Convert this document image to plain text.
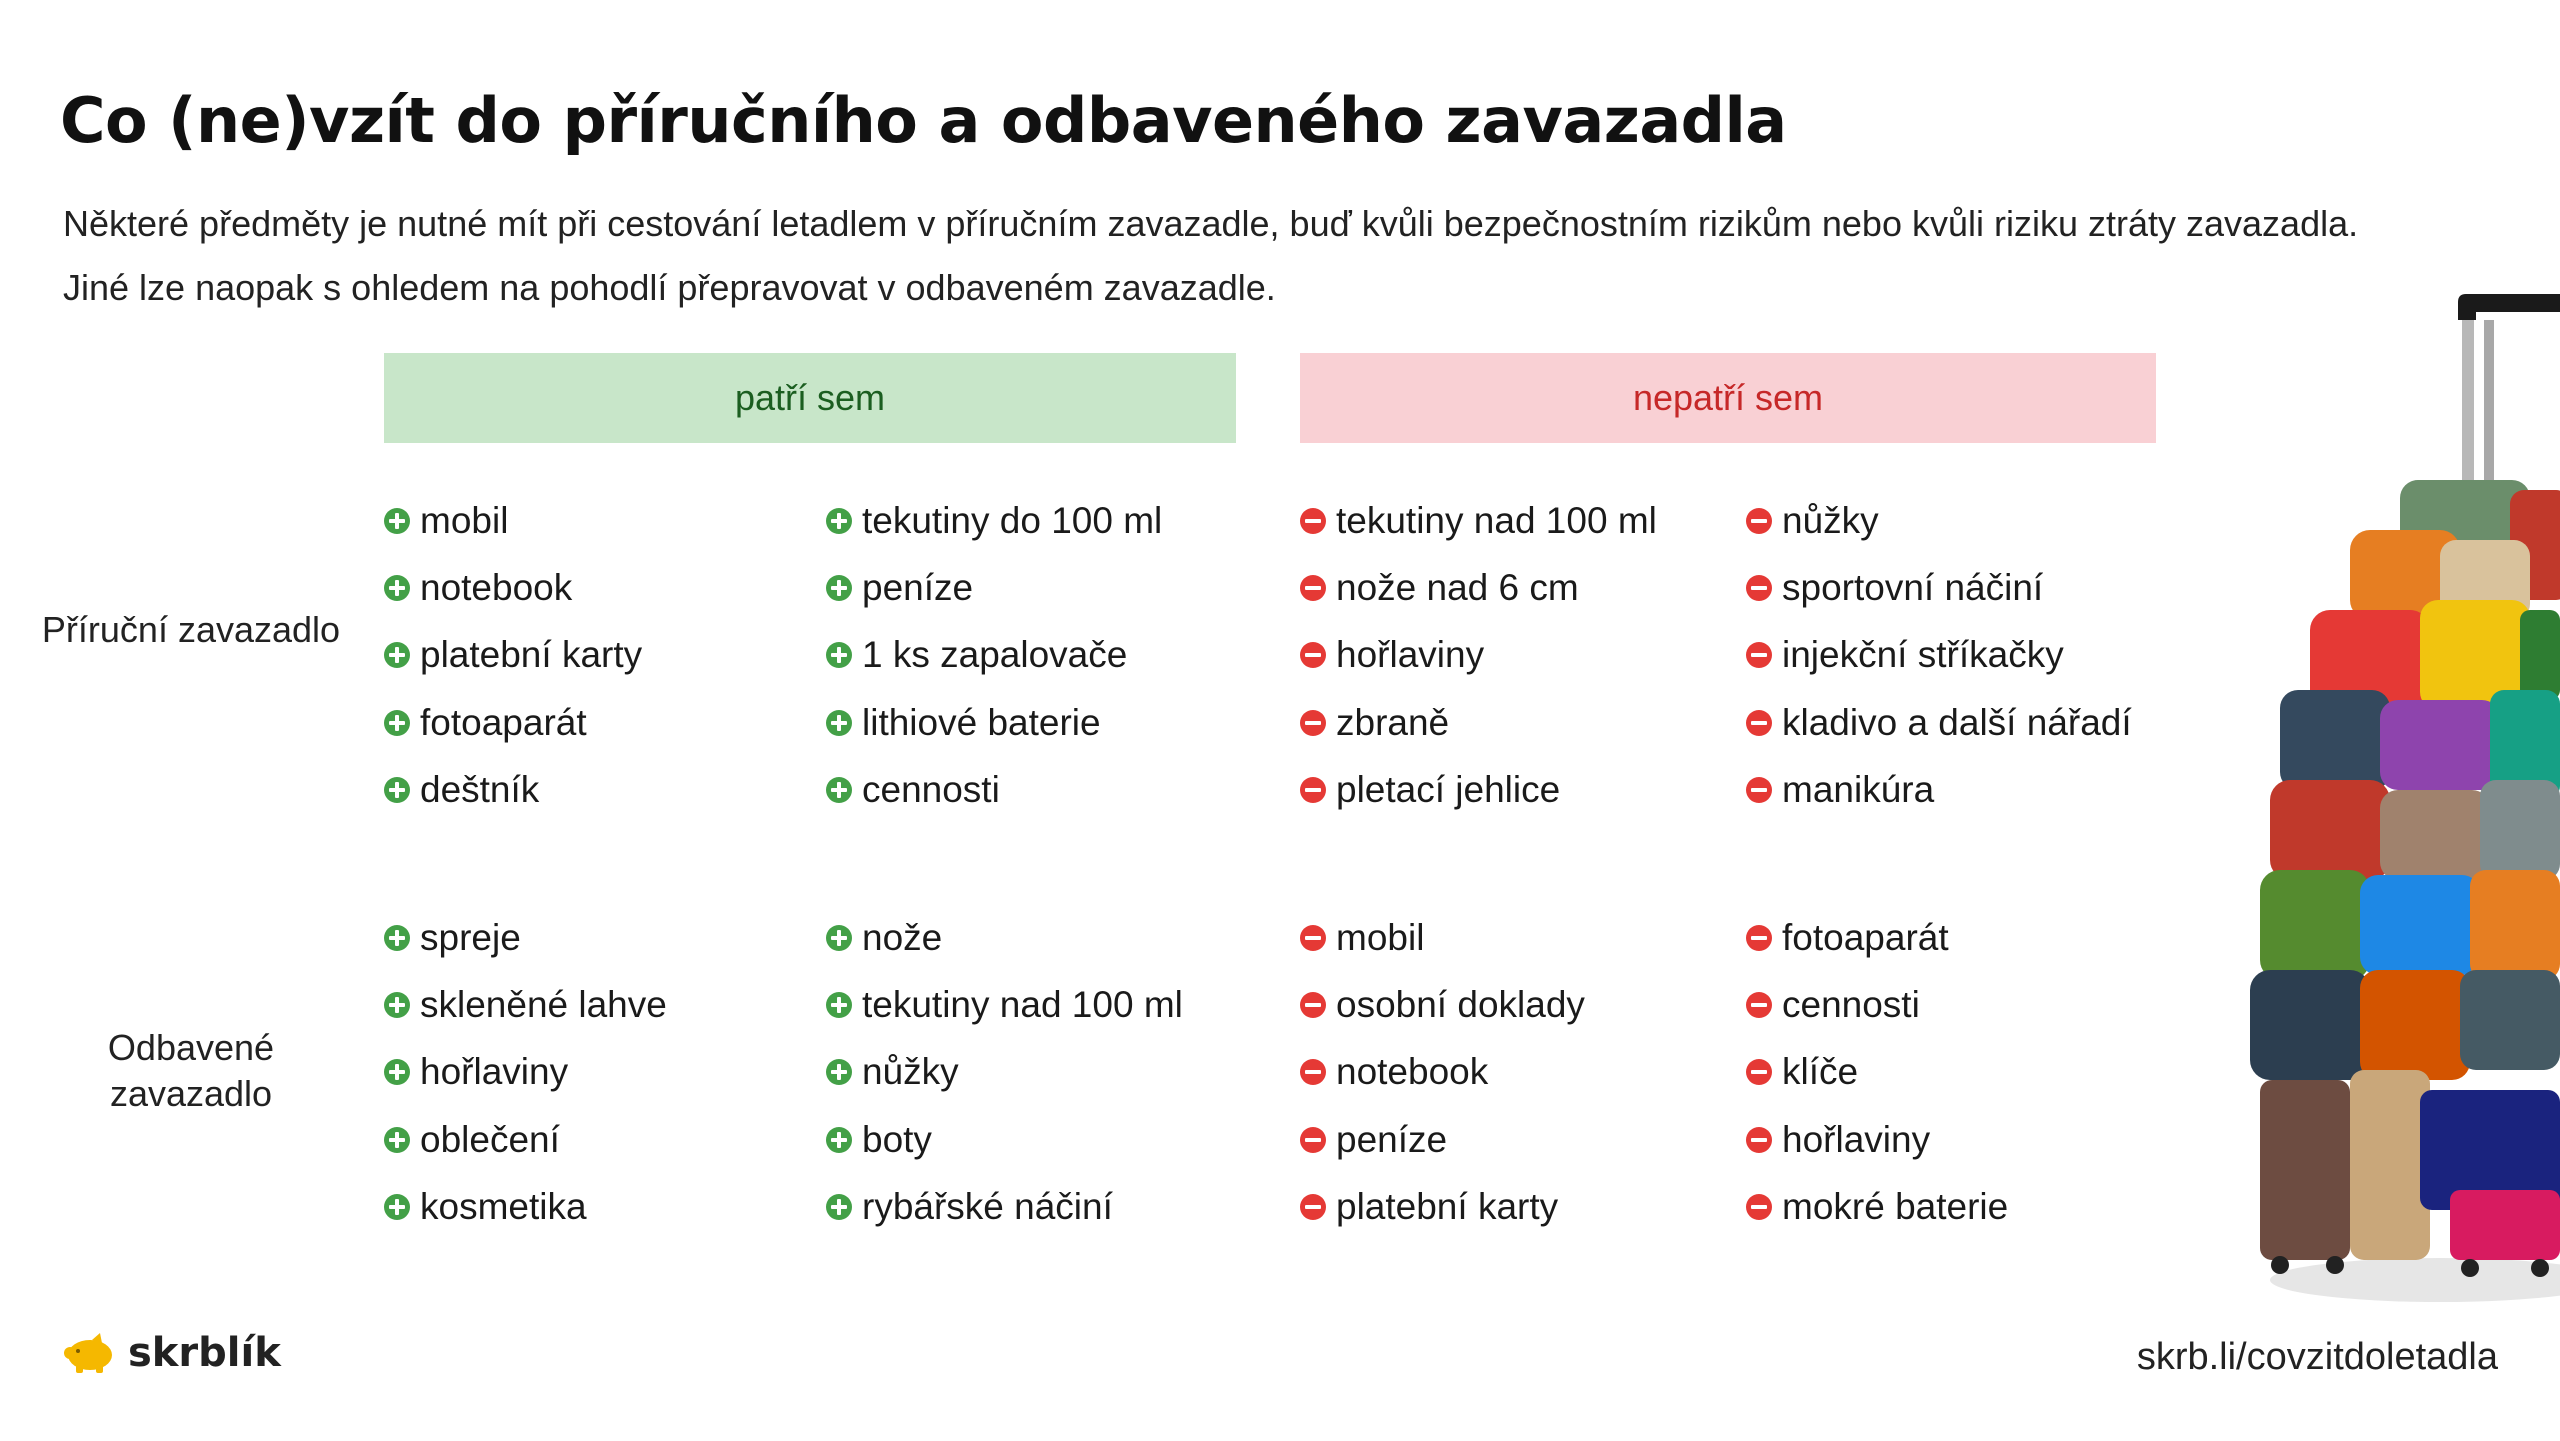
Co (ne)vzít do příručního a odbaveného zavazadla

Některé předměty je nutné mít při cestování letadlem v příručním zavazadle, buď kvůli bezpečnostním rizikům nebo kvůli riziku ztráty zavazadla. Jiné lze naopak s ohledem na pohodlí přepravovat v odbaveném zavazadle.

patří sem	nepatří sem
Příruční zavazadlo
mobil
notebook
platební karty
fotoaparát
deštník
tekutiny do 100 ml
peníze
1 ks zapalovače
lithiové baterie
cennosti
tekutiny nad 100 ml
nože nad 6 cm
hořlaviny
zbraně
pletací jehlice
nůžky
sportovní náčiní
injekční stříkačky
kladivo a další nářadí
manikúra
Odbavené zavazadlo
spreje
skleněné lahve
hořlaviny
oblečení
kosmetika
nože
tekutiny nad 100 ml
nůžky
boty
rybářské náčiní
mobil
osobní doklady
notebook
peníze
platební karty
fotoaparát
cennosti
klíče
hořlaviny
mokré baterie
skrblík	skrb.li/covzitdoletadla
